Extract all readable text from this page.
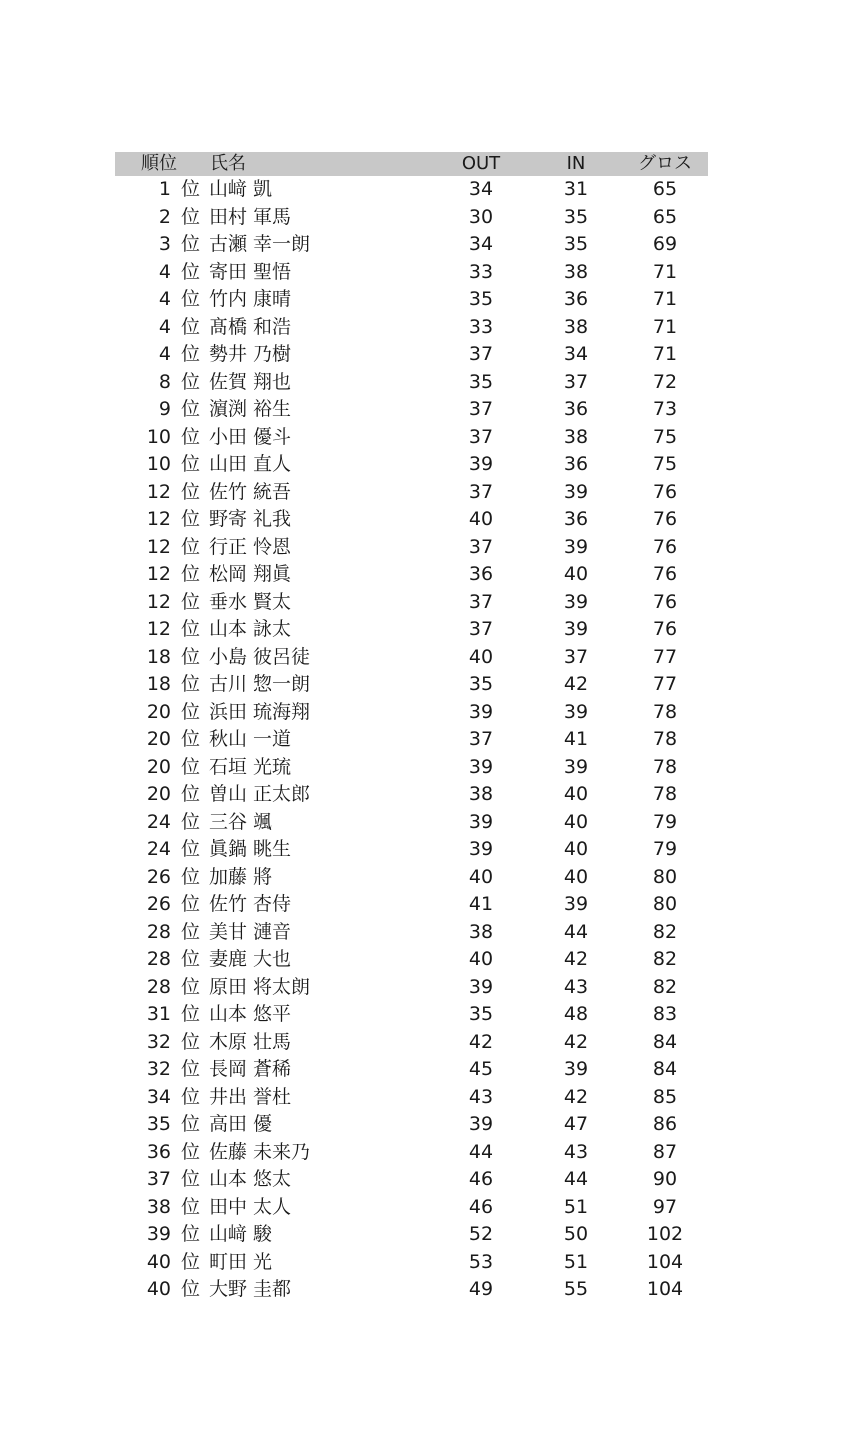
順位 氏名	OUT	IN	グロス
1 位 山﨑 凱	34	31	65
2 位 田村 軍馬	30	35	65
3 位 古瀬 幸一朗	34	35	69
4 位 寄田 聖悟	33	38	71
4 位 竹内 康晴	35	36	71
4 位 髙橋 和浩	33	38	71
4 位 勢井 乃樹	37	34	71
8 位 佐賀 翔也	35	37	72
9 位 濵渕 裕生	37	36	73
10 位 小田 優斗	37	38	75
10 位 山田 直人	39	36	75
12 位 佐竹 統吾	37	39	76
12 位 野寄 礼我	40	36	76
12 位 行正 怜恩	37	39	76
12 位 松岡 翔眞	36	40	76
12 位 垂水 賢太	37	39	76
12 位 山本 詠太	37	39	76
18 位 小島 彼呂徒	40	37	77
18 位 古川 惣一朗	35	42	77
20 位 浜田 琉海翔	39	39	78
20 位 秋山 一道	37	41	78
20 位 石垣 光琉	39	39	78
20 位 曽山 正太郎	38	40	78
24 位 三谷 颯	39	40	79
24 位 眞鍋 眺生	39	40	79
26 位 加藤 將	40	40	80
26 位 佐竹 杏侍	41	39	80
28 位 美甘 漣音	38	44	82
28 位 妻鹿 大也	40	42	82
28 位 原田 将太朗	39	43	82
31 位 山本 悠平	35	48	83
32 位 木原 壮馬	42	42	84
32 位 長岡 蒼稀	45	39	84
34 位 井出 誉杜	43	42	85
35 位 高田 優	39	47	86
36 位 佐藤 未来乃	44	43	87
37 位 山本 悠太	46	44	90
38 位 田中 太人	46	51	97
39 位 山﨑 駿	52	50	102
40 位 町田 光	53	51	104
40 位 大野 圭都	49	55	104
